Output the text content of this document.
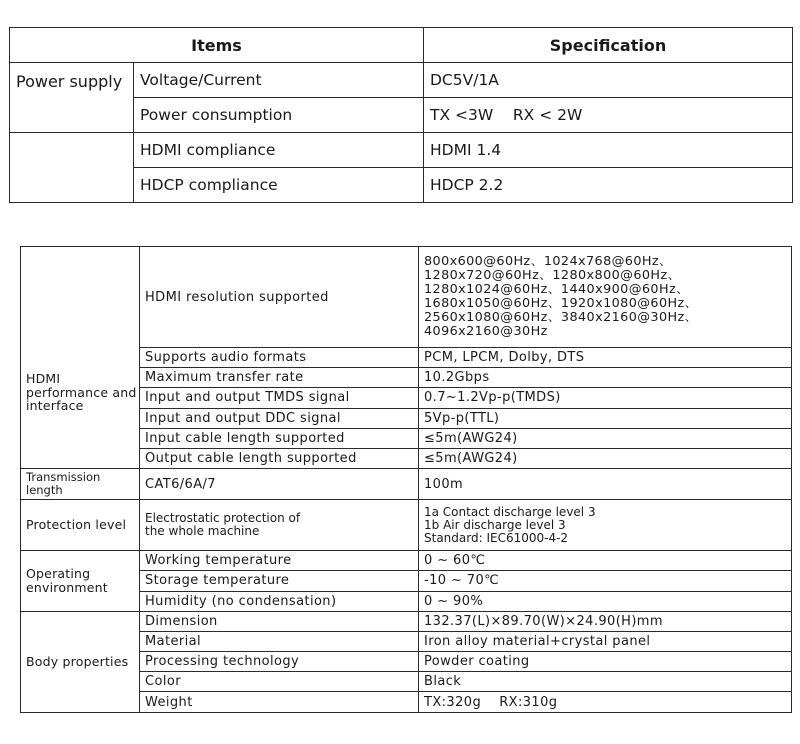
Items		Specification
Power supply	Voltage/Current	DC5V/1A
	Power consumption	TX <3W    RX < 2W
	HDMI compliance	HDMI 1.4
	HDCP compliance	HDCP 2.2
HDMI performance and interface	HDMI resolution supported	800x600@60Hz、1024x768@60Hz、1280x720@60Hz、1280x800@60Hz、1280x1024@60Hz、1440x900@60Hz、1680x1050@60Hz、1920x1080@60Hz、2560x1080@60Hz、3840x2160@30Hz、4096x2160@30Hz
	Supports audio formats	PCM, LPCM, Dolby, DTS
	Maximum transfer rate	10.2Gbps
	Input and output TMDS signal	0.7~1.2Vp-p(TMDS)
	Input and output DDC signal	5Vp-p(TTL)
	Input cable length supported	≤5m(AWG24)
	Output cable length supported	≤5m(AWG24)
Transmission length	CAT6/6A/7	100m
Protection level	Electrostatic protection of the whole machine	1a Contact discharge level 3
1b Air discharge level 3
Standard: IEC61000-4-2
Operating environment	Working temperature	0 ~ 60℃
	Storage temperature	-10 ~ 70℃
	Humidity (no condensation)	0 ~ 90%
Body properties	Dimension	132.37(L)×89.70(W)×24.90(H)mm
	Material	Iron alloy material+crystal panel
	Processing technology	Powder coating
	Color	Black
	Weight	TX:320g    RX:310g
